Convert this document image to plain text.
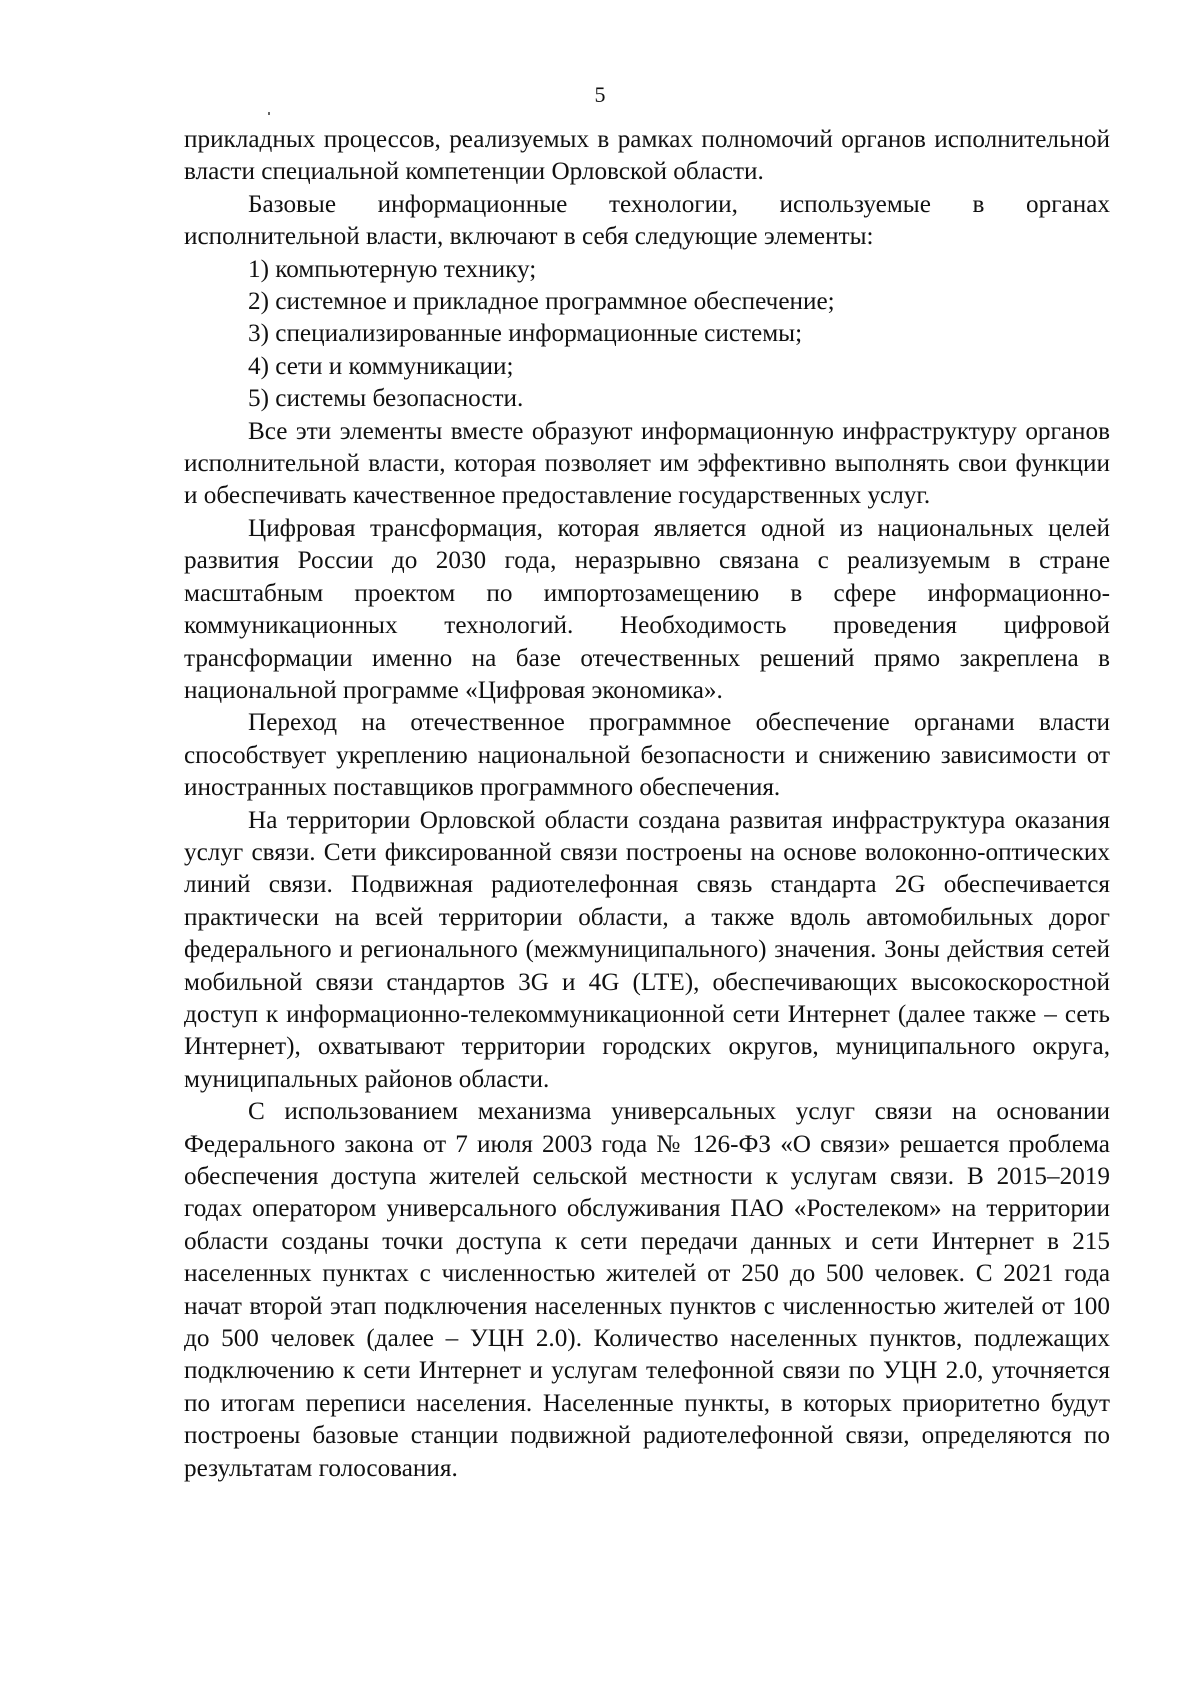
5

прикладных процессов, реализуемых в рамках полномочий органов исполнительной власти специальной компетенции Орловской области.

Базовые информационные технологии, используемые в органах исполнительной власти, включают в себя следующие элементы:

1) компьютерную технику;

2) системное и прикладное программное обеспечение;

3) специализированные информационные системы;

4) сети и коммуникации;

5) системы безопасности.

Все эти элементы вместе образуют информационную инфраструктуру органов исполнительной власти, которая позволяет им эффективно выполнять свои функции и обеспечивать качественное предоставление государственных услуг.

Цифровая трансформация, которая является одной из национальных целей развития России до 2030 года, неразрывно связана с реализуемым в стране масштабным проектом по импортозамещению в сфере информационно-коммуникационных технологий. Необходимость проведения цифровой трансформации именно на базе отечественных решений прямо закреплена в национальной программе «Цифровая экономика».

Переход на отечественное программное обеспечение органами власти способствует укреплению национальной безопасности и снижению зависимости от иностранных поставщиков программного обеспечения.

На территории Орловской области создана развитая инфраструктура оказания услуг связи. Сети фиксированной связи построены на основе волоконно-оптических линий связи. Подвижная радиотелефонная связь стандарта 2G обеспечивается практически на всей территории области, а также вдоль автомобильных дорог федерального и регионального (межмуниципального) значения. Зоны действия сетей мобильной связи стандартов 3G и 4G (LTE), обеспечивающих высокоскоростной доступ к информационно-телекоммуникационной сети Интернет (далее также – сеть Интернет), охватывают территории городских округов, муниципального округа, муниципальных районов области.

С использованием механизма универсальных услуг связи на основании Федерального закона от 7 июля 2003 года № 126-ФЗ «О связи» решается проблема обеспечения доступа жителей сельской местности к услугам связи. В 2015–2019 годах оператором универсального обслуживания ПАО «Ростелеком» на территории области созданы точки доступа к сети передачи данных и сети Интернет в 215 населенных пунктах с численностью жителей от 250 до 500 человек. С 2021 года начат второй этап подключения населенных пунктов с численностью жителей от 100 до 500 человек (далее – УЦН 2.0). Количество населенных пунктов, подлежащих подключению к сети Интернет и услугам телефонной связи по УЦН 2.0, уточняется по итогам переписи населения. Населенные пункты, в которых приоритетно будут построены базовые станции подвижной радиотелефонной связи, определяются по результатам голосования.
